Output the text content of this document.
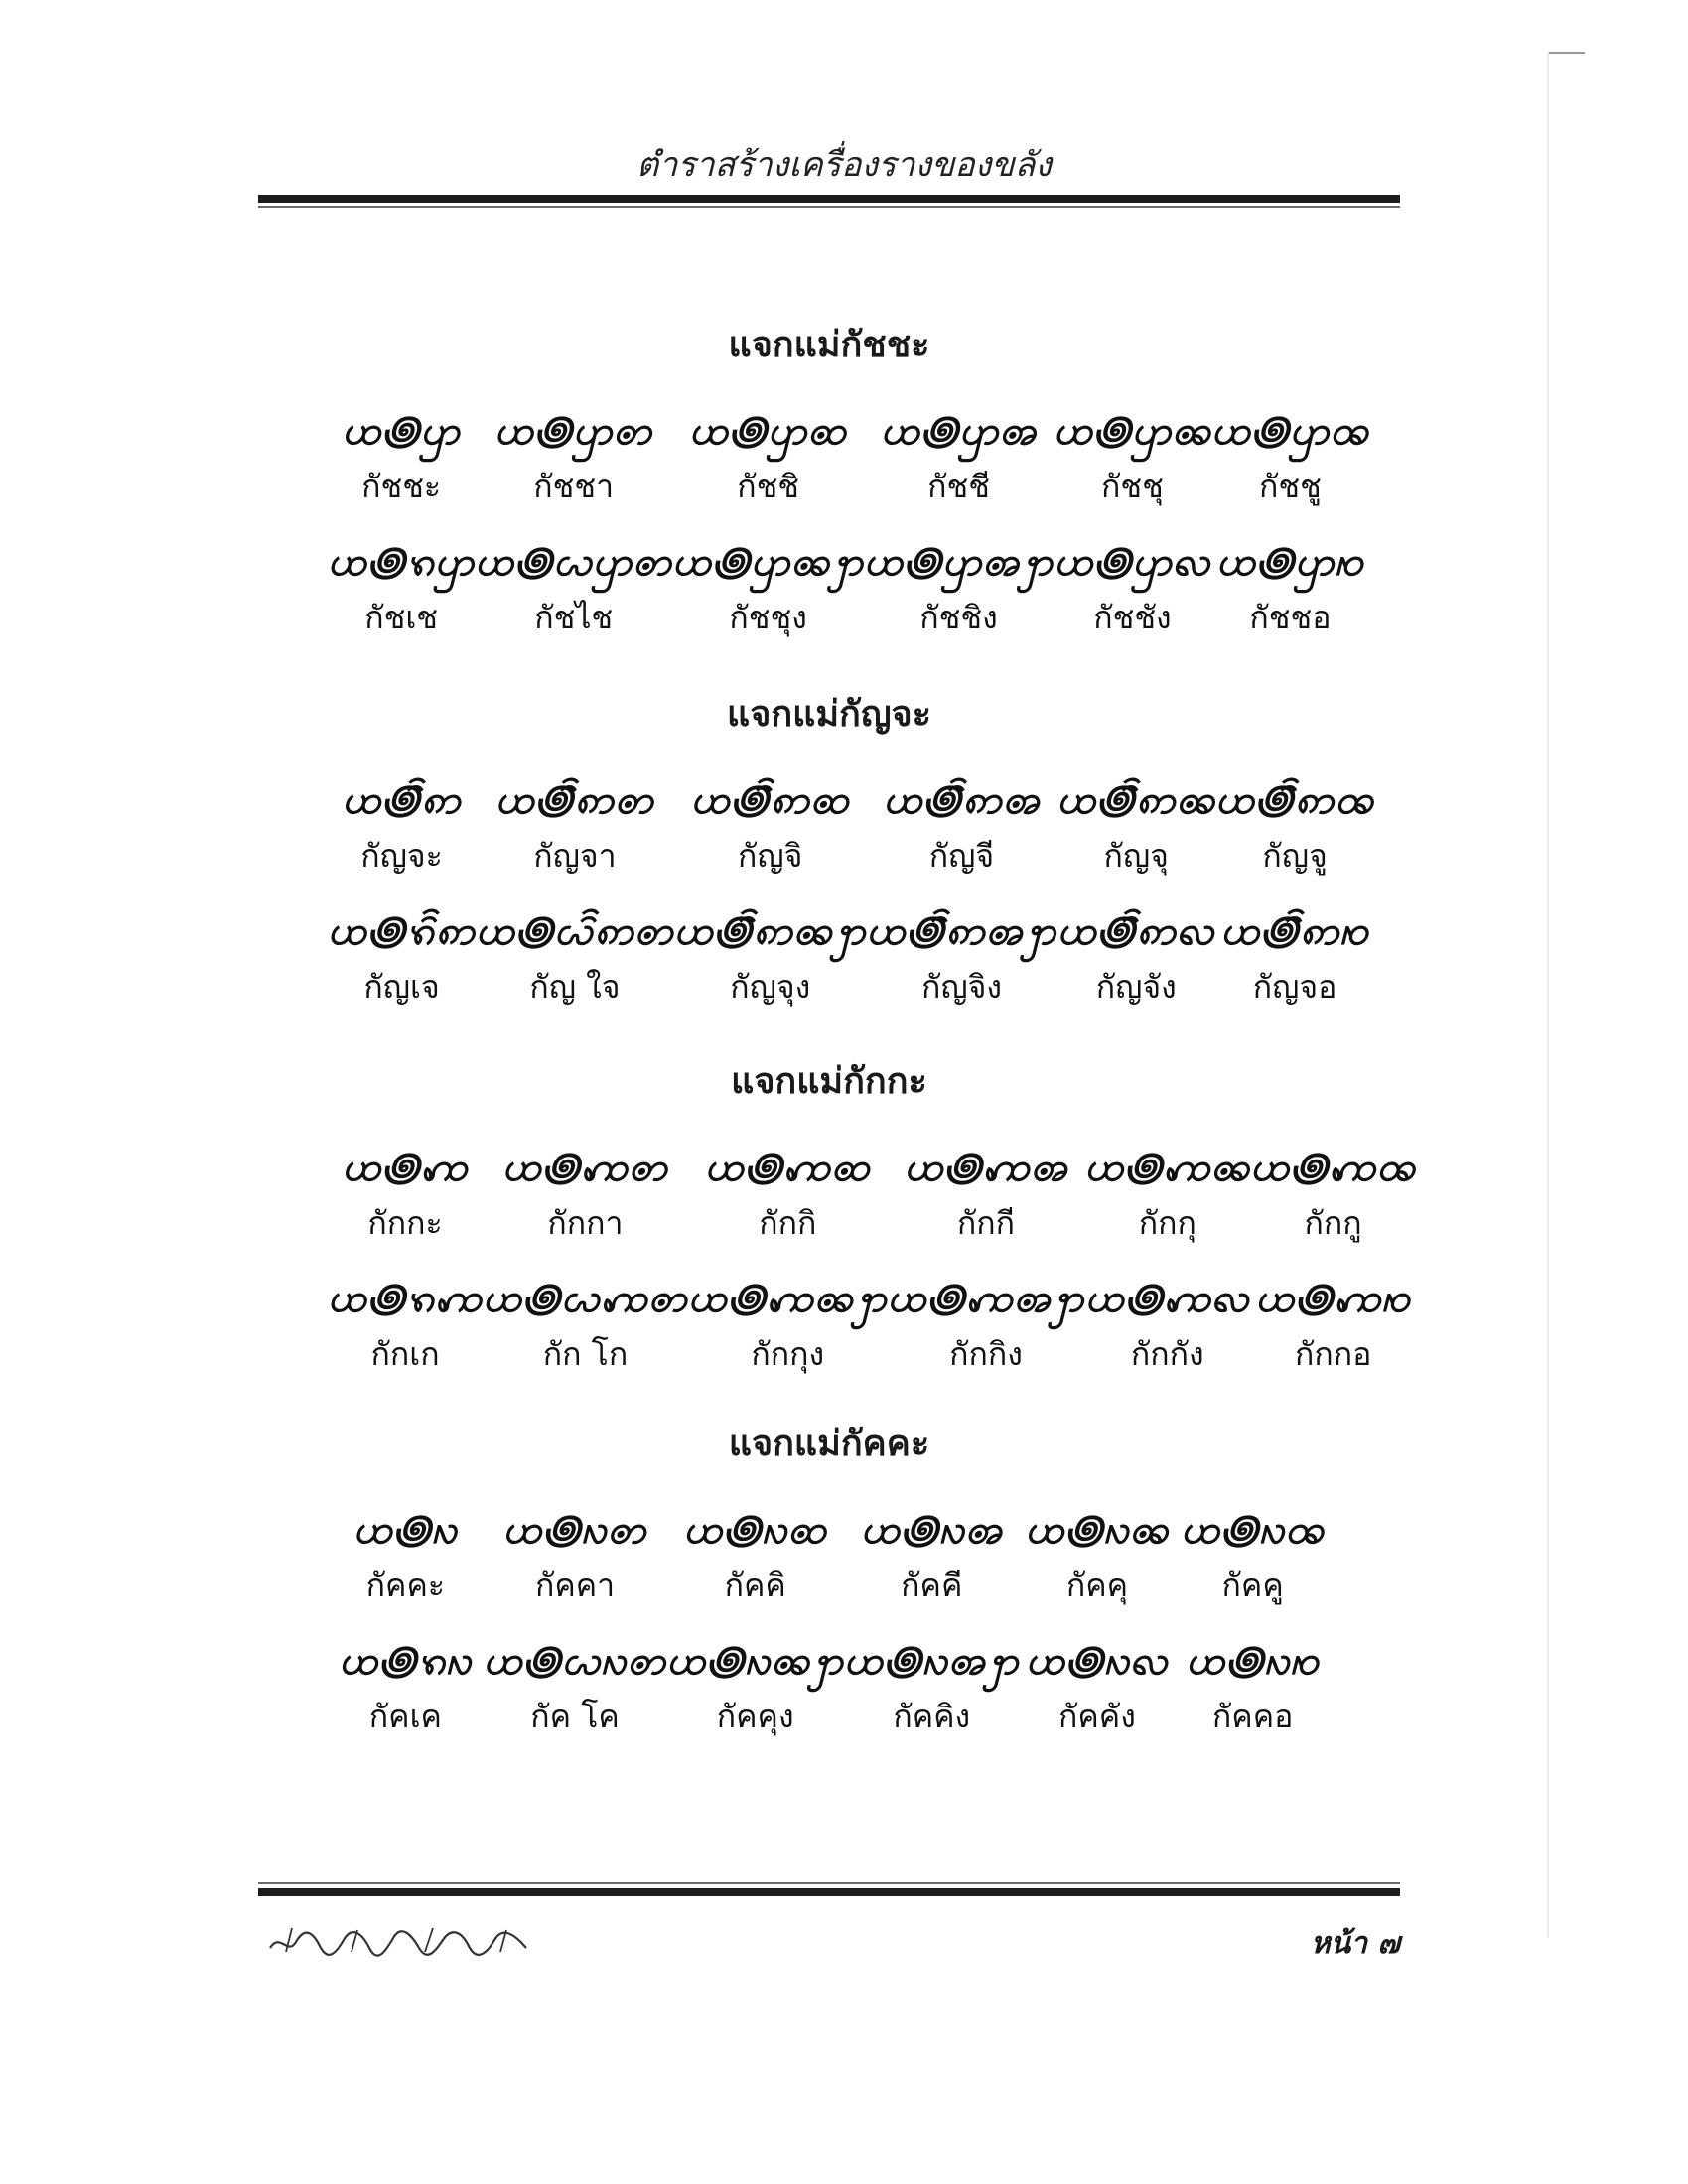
ตำราสร้างเครื่องรางของขลัง
แจกแม่กัชชะ
ꩤ꩜ꩥ
กัชชะ
ꩤ꩜ꩥꩦ
กัชชา
ꩤ꩜ꩥꩧ
กัชชิ
ꩤ꩜ꩥꩨ
กัชชี
ꩤ꩜ꩥꩩ
กัชชุ
ꩤ꩜ꩥꩪ
กัชชู
ꩤ꩜ꩫꩥ
กัชเช
ꩤ꩜ꩬꩥꩦ
กัชไช
ꩤ꩜ꩥꩩꩭ
กัชชุง
ꩤ꩜ꩥꩨꩭ
กัชชิง
ꩤ꩜ꩥꩮ
กัชชัง
ꩤ꩜ꩥꩯ
กัชชอ
แจกแม่กัญจะ
ꩤ꩜ꩰꩱ
กัญจะ
ꩤ꩜ꩰꩱꩦ
กัญจา
ꩤ꩜ꩰꩱꩧ
กัญจิ
ꩤ꩜ꩰꩱꩨ
กัญจี
ꩤ꩜ꩰꩱꩩ
กัญจุ
ꩤ꩜ꩰꩱꩪ
กัญจู
ꩤ꩜ꩫꩰꩱ
กัญเจ
ꩤ꩜ꩬꩰꩱꩦ
กัญ ใจ
ꩤ꩜ꩰꩱꩩꩭ
กัญจุง
ꩤ꩜ꩰꩱꩨꩭ
กัญจิง
ꩤ꩜ꩰꩱꩮ
กัญจัง
ꩤ꩜ꩰꩱꩯ
กัญจอ
แจกแม่กักกะ
ꩤ꩜ꩲ
กักกะ
ꩤ꩜ꩲꩦ
กักกา
ꩤ꩜ꩲꩧ
กักกิ
ꩤ꩜ꩲꩨ
กักกี
ꩤ꩜ꩲꩩ
กักกุ
ꩤ꩜ꩲꩪ
กักกู
ꩤ꩜ꩫꩲ
กักเก
ꩤ꩜ꩬꩲꩦ
กัก โก
ꩤ꩜ꩲꩩꩭ
กักกุง
ꩤ꩜ꩲꩨꩭ
กักกิง
ꩤ꩜ꩲꩮ
กักกัง
ꩤ꩜ꩲꩯ
กักกอ
แจกแม่กัคคะ
ꩤ꩜ꩳ
กัคคะ
ꩤ꩜ꩳꩦ
กัคคา
ꩤ꩜ꩳꩧ
กัคคิ
ꩤ꩜ꩳꩨ
กัคคี
ꩤ꩜ꩳꩩ
กัคคุ
ꩤ꩜ꩳꩪ
กัคคู
ꩤ꩜ꩫꩳ
กัคเค
ꩤ꩜ꩬꩳꩦ
กัค โค
ꩤ꩜ꩳꩩꩭ
กัคคุง
ꩤ꩜ꩳꩨꩭ
กัคคิง
ꩤ꩜ꩳꩮ
กัคคัง
ꩤ꩜ꩳꩯ
กัคคอ
หน้า ๗
